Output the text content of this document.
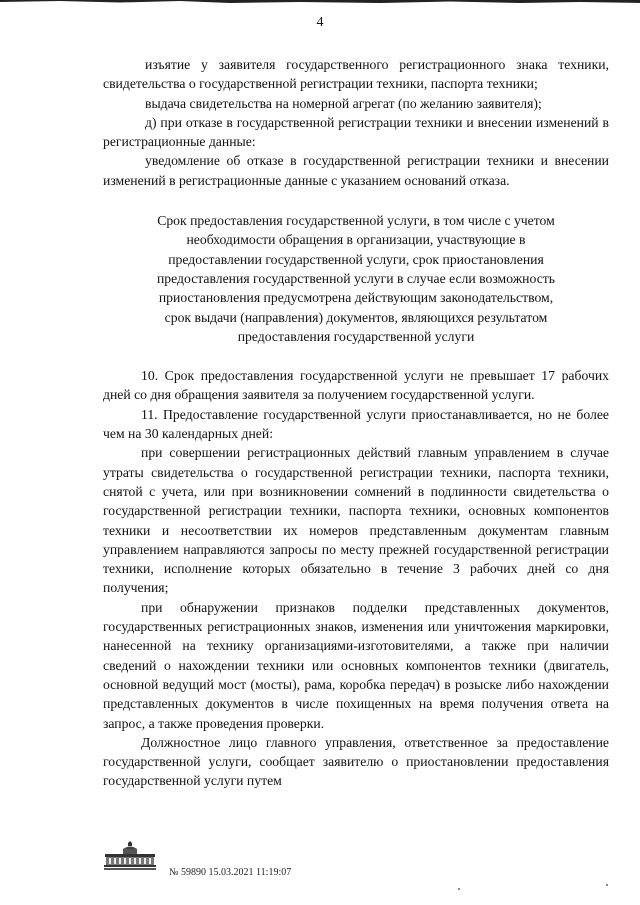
4

изъятие у заявителя государственного регистрационного знака техники, свидетельства о государственной регистрации техники, паспорта техники;

выдача свидетельства на номерной агрегат (по желанию заявителя);

д) при отказе в государственной регистрации техники и внесении изменений в регистрационные данные:

уведомление об отказе в государственной регистрации техники и внесении изменений в регистрационные данные с указанием оснований отказа.

Срок предоставления государственной услуги, в том числе с учетом необходимости обращения в организации, участвующие в предоставлении государственной услуги, срок приостановления предоставления государственной услуги в случае если возможность приостановления предусмотрена действующим законодательством, срок выдачи (направления) документов, являющихся результатом предоставления государственной услуги

10. Срок предоставления государственной услуги не превышает 17 рабочих дней со дня обращения заявителя за получением государственной услуги.

11. Предоставление государственной услуги приостанавливается, но не более чем на 30 календарных дней:

при совершении регистрационных действий главным управлением в случае утраты свидетельства о государственной регистрации техники, паспорта техники, снятой с учета, или при возникновении сомнений в подлинности свидетельства о государственной регистрации техники, паспорта техники, основных компонентов техники и несоответствии их номеров представленным документам главным управлением направляются запросы по месту прежней государственной регистрации техники, исполнение которых обязательно в течение 3 рабочих дней со дня получения;

при обнаружении признаков подделки представленных документов, государственных регистрационных знаков, изменения или уничтожения маркировки, нанесенной на технику организациями-изготовителями, а также при наличии сведений о нахождении техники или основных компонентов техники (двигатель, основной ведущий мост (мосты), рама, коробка передач) в розыске либо нахождении представленных документов в числе похищенных на время получения ответа на запрос, а также проведения проверки.

Должностное лицо главного управления, ответственное за предоставление государственной услуги, сообщает заявителю о приостановлении предоставления государственной услуги путем

№ 59890 15.03.2021 11:19:07
